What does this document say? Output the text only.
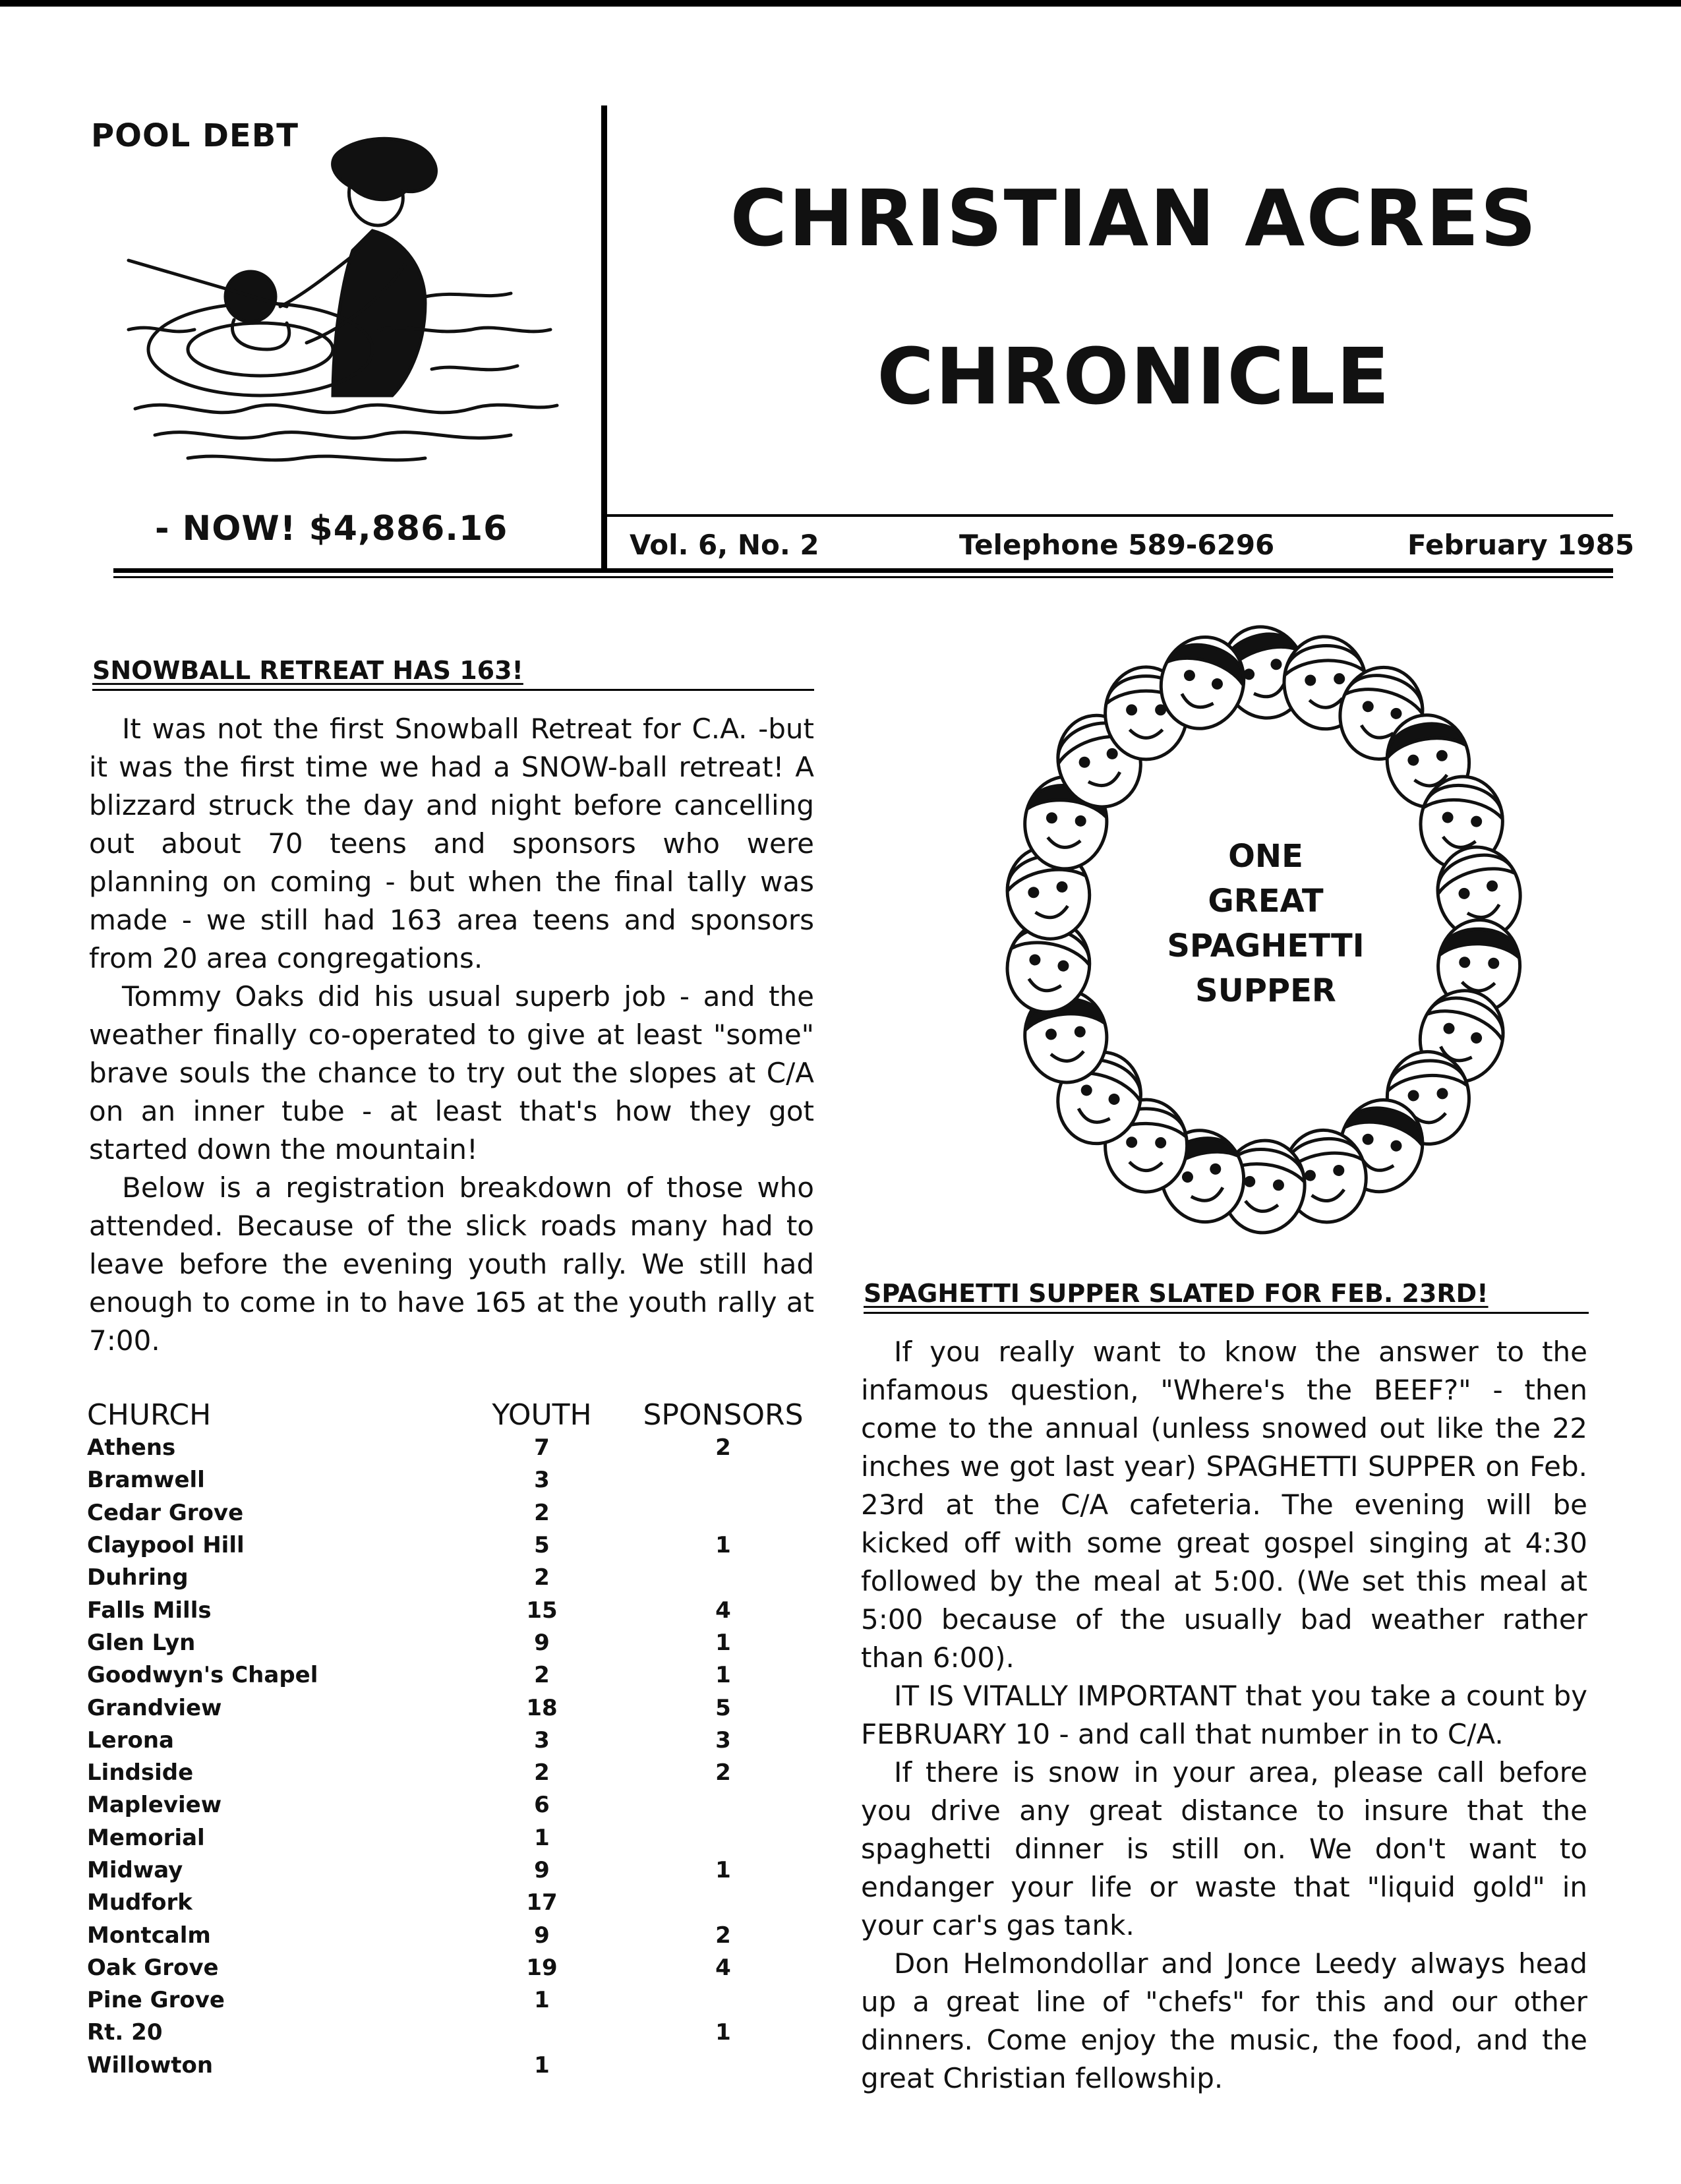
POOL DEBT
- NOW! $4,886.16
CHRISTIAN ACRES
CHRONICLE
Vol. 6, No. 2	Telephone 589-6296	February 1985
SNOWBALL RETREAT HAS 163!

It was not the first Snowball Retreat for C.A. -but it was the first time we had a SNOW-ball retreat! A blizzard struck the day and night before cancelling out about 70 teens and sponsors who were planning on coming - but when the final tally was made - we still had 163 area teens and sponsors from 20 area congregations.

Tommy Oaks did his usual superb job - and the weather finally co-operated to give at least "some" brave souls the chance to try out the slopes at C/A on an inner tube - at least that's how they got started down the mountain!

Below is a registration breakdown of those who attended. Because of the slick roads many had to leave before the evening youth rally. We still had enough to come in to have 165 at the youth rally at 7:00.

CHURCH	YOUTH	SPONSORS
Athens	7	2
Bramwell	3	
Cedar Grove	2	
Claypool Hill	5	1
Duhring	2	
Falls Mills	15	4
Glen Lyn	9	1
Goodwyn's Chapel	2	1
Grandview	18	5
Lerona	3	3
Lindside	2	2
Mapleview	6	
Memorial	1	
Midway	9	1
Mudfork	17	
Montcalm	9	2
Oak Grove	19	4
Pine Grove	1	
Rt. 20		1
Willowton	1	
ONE
GREAT
SPAGHETTI
SUPPER
SPAGHETTI SUPPER SLATED FOR FEB. 23RD!

If you really want to know the answer to the infamous question, "Where's the BEEF?" - then come to the annual (unless snowed out like the 22 inches we got last year) SPAGHETTI SUPPER on Feb. 23rd at the C/A cafeteria. The evening will be kicked off with some great gospel singing at 4:30 followed by the meal at 5:00. (We set this meal at 5:00 because of the usually bad weather rather than 6:00).

IT IS VITALLY IMPORTANT that you take a count by FEBRUARY 10 - and call that number in to C/A.

If there is snow in your area, please call before you drive any great distance to insure that the spaghetti dinner is still on. We don't want to endanger your life or waste that "liquid gold" in your car's gas tank.

Don Helmondollar and Jonce Leedy always head up a great line of "chefs" for this and our other dinners. Come enjoy the music, the food, and the great Christian fellowship.
